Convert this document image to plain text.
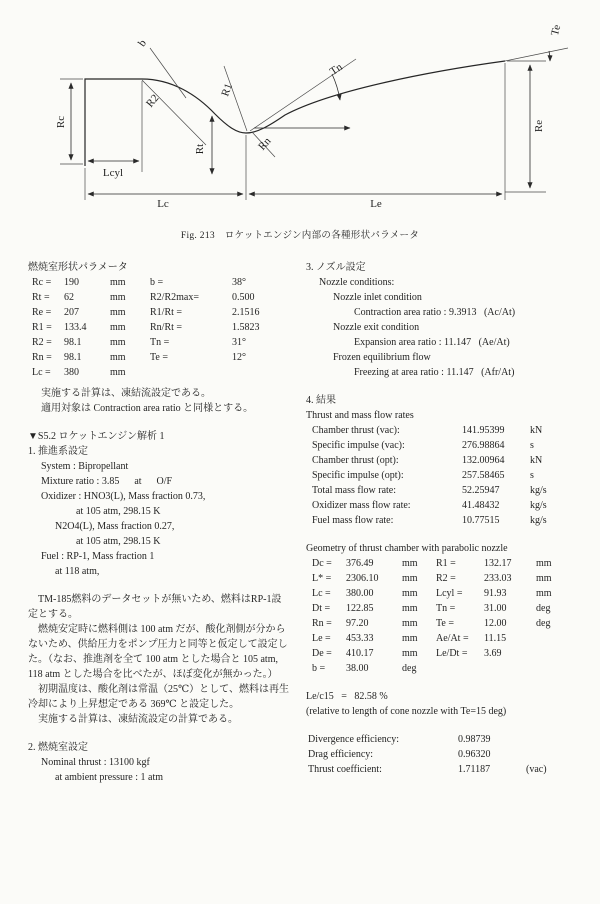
Rc
Lcyl
Rt
Lc	Le
Re
R2
R1
Rn
b
Tn
Te
Fig. 213　ロケットエンジン内部の各種形状パラメータ
燃焼室形状パラメータ
Rc =	190	mm	b =	38°
Rt =	62	mm	R2/R2max=	0.500
Re =	207	mm	R1/Rt =	2.1516
R1 =	133.4	mm	Rn/Rt =	1.5823
R2 =	98.1	mm	Tn =	31°
Rn =	98.1	mm	Te =	12°
Lc =	380	mm
実施する計算は、凍結流設定である。
適用対象は Contraction area ratio と同様とする。
▼S5.2 ロケットエンジン解析 1
1. 推進系設定
System : Bipropellant
Mixture ratio : 3.85      at      O/F
Oxidizer : HNO3(L), Mass fraction 0.73,
at 105 atm, 298.15 K
N2O4(L), Mass fraction 0.27,
at 105 atm, 298.15 K
Fuel : RP-1, Mass fraction 1
at 118 atm,

TM-185燃料のデータセットが無いため、燃料はRP-1設定とする。

燃焼安定時に燃料側は 100 atm だが、酸化剤側が分からないため、供給圧力をポンプ圧力と同等と仮定して設定した。（なお、推進剤を全て 100 atm とした場合と 105 atm, 118 atm とした場合を比べたが、ほぼ変化が無かった。）

初期温度は、酸化剤は常温（25℃）として、燃料は再生冷却により上昇想定である 369℃ と設定した。

実施する計算は、凍結流設定の計算である。

2. 燃焼室設定
Nominal thrust : 13100 kgf
at ambient pressure : 1 atm
3. ノズル設定
Nozzle conditions:
Nozzle inlet condition
Contraction area ratio : 9.3913   (Ac/At)
Nozzle exit condition
Expansion area ratio : 11.147   (Ae/At)
Frozen equilibrium flow
Freezing at area ratio : 11.147   (Afr/At)
4. 結果
Thrust and mass flow rates
Chamber thrust (vac):	141.95399	kN
Specific impulse (vac):	276.98864	s
Chamber thrust (opt):	132.00964	kN
Specific impulse (opt):	257.58465	s
Total mass flow rate:	52.25947	kg/s
Oxidizer mass flow rate:	41.48432	kg/s
Fuel mass flow rate:	10.77515	kg/s
Geometry of thrust chamber with parabolic nozzle
Dc =	376.49	mm	R1 =	132.17	mm
L* =	2306.10	mm	R2 =	233.03	mm
Lc =	380.00	mm	Lcyl =	91.93	mm
Dt =	122.85	mm	Tn =	31.00	deg
Rn =	97.20	mm	Te =	12.00	deg
Le =	453.33	mm	Ae/At =	11.15
De =	410.17	mm	Le/Dt =	3.69
b =	38.00	deg
Le/c15   =   82.58 %
(relative to length of cone nozzle with Te=15 deg)
Divergence efficiency:	0.98739
Drag efficiency:	0.96320
Thrust coefficient:	1.71187	(vac)
